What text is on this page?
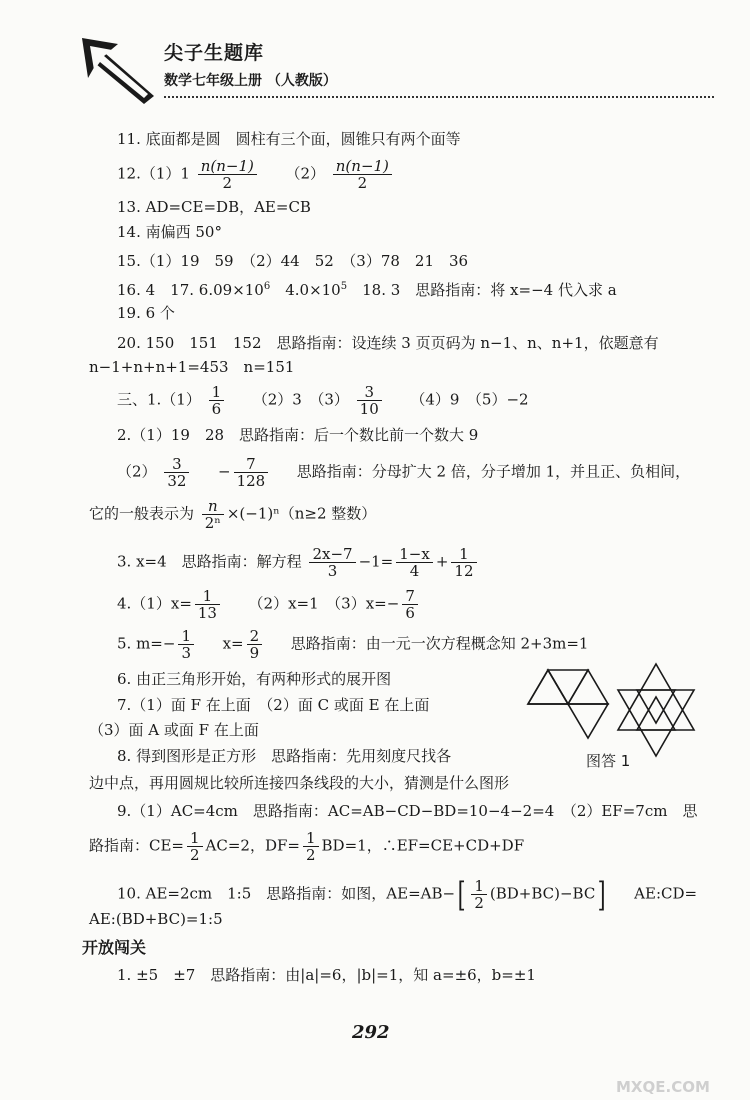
尖子生题库
数学七年级上册 （人教版）
11. 底面都是圆　圆柱有三个面，圆锥只有两个面等
$12.(1)1 \frac{n(n-1)}{2} (2) \frac{n(n-1)}{2}$
13. AD=CE=DB，AE=CB
14. 南偏西 50°
15.（1）19　59　（2）44　52　（3）78　21　36
16. 4　17. $6.09\times 10^6$　$4.0\times 10^5$　18. 3　思路指南：将 x=−4 代入求 a
19. 6 个
20. 150　151　152　思路指南：设连续 3 页页码为 n−1、n、n+1，依题意有
n−1+n+n+1=453　n=151
三、$1.(1) \frac{1}{6} (2)3$　$(3) \frac{3}{10} (4)9$　（5）−2
2.（1）19　28　思路指南：后一个数比前一个数大 9
$(2) \frac{3}{32} - \frac{7}{128}$ 思路指南：分母扩大 2 倍，分子增加 1，并且正、负相间，
它的一般表示为 $\frac{n}{\text{2ⁿ}} \times(-1)^n(n\ge 2$ 整数）
3. x=4　思路指南：解方程 $\frac{2x-7}{3} -1= \frac{1-x}{4} + \frac{1}{12}$
$4.(1)x= \frac{1}{13} (2)x=1$　$(3)x=- \frac{7}{6}$
5. $m=- \frac{1}{3} x= \frac{2}{9}$ 思路指南：由一元一次方程概念知 2+3m=1
6. 由正三角形开始，有两种形式的展开图
7.（1）面 F 在上面　（2）面 C 或面 E 在上面
（3）面 A 或面 F 在上面
8. 得到图形是正方形　思路指南：先用刻度尺找各
边中点，再用圆规比较所连接四条线段的大小，猜测是什么图形
9.（1）AC=4cm　思路指南：AC=AB−CD−BD=10−4−2=4　（2）EF=7cm　思
路指南：$CE= \frac{1}{2} AC=2$，$DF= \frac{1}{2} BD=1$，∴EF=CE+CD+DF
10. AE=2cm　1:5　思路指南：如图，$AE=AB-[ \frac{1}{2} (BD+BC)-BC]$ AE:CD=
AE:(BD+BC)=1:5
开放闯关
1. ±5　±7　思路指南：由|a|=6，|b|=1，知 a=±6，b=±1
图答 1
292
MXQE.COM
